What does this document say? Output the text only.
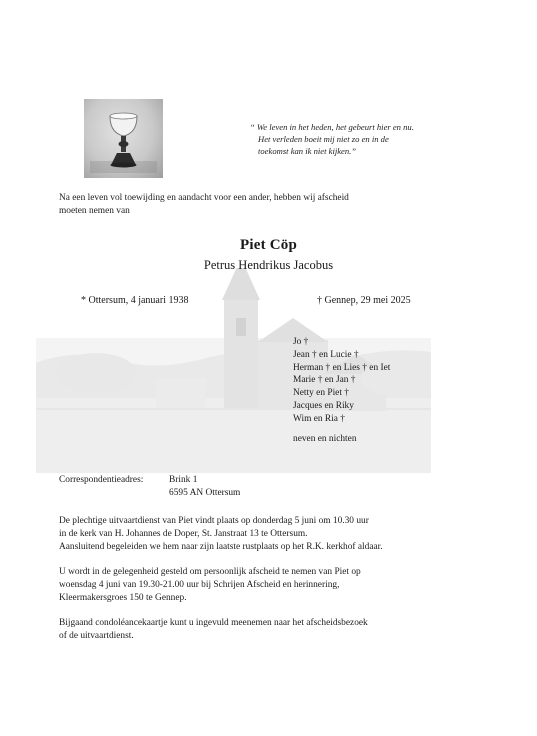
“ We leven in het heden, het gebeurt hier en nu.
Het verleden boeit mij niet zo en in de
toekomst kan ik niet kijken.”
Na een leven vol toewijding en aandacht voor een ander, hebben wij afscheid
moeten nemen van
Piet Cöp
Petrus Hendrikus Jacobus
* Ottersum, 4 januari 1938	† Gennep, 29 mei 2025
Jo †
Jean † en Lucie †
Herman † en Lies † en Iet
Marie † en Jan †
Netty en Piet †
Jacques en Riky
Wim en Ria †
neven en nichten
Correspondentieadres:	Brink 1
6595 AN Ottersum
De plechtige uitvaartdienst van Piet vindt plaats op donderdag 5 juni om 10.30 uur
in de kerk van H. Johannes de Doper, St. Janstraat 13 te Ottersum.
Aansluitend begeleiden we hem naar zijn laatste rustplaats op het R.K. kerkhof aldaar.
U wordt in de gelegenheid gesteld om persoonlijk afscheid te nemen van Piet op
woensdag 4 juni van 19.30-21.00 uur bij Schrijen Afscheid en herinnering,
Kleermakersgroes 150 te Gennep.
Bijgaand condoléancekaartje kunt u ingevuld meenemen naar het afscheidsbezoek
of de uitvaartdienst.
